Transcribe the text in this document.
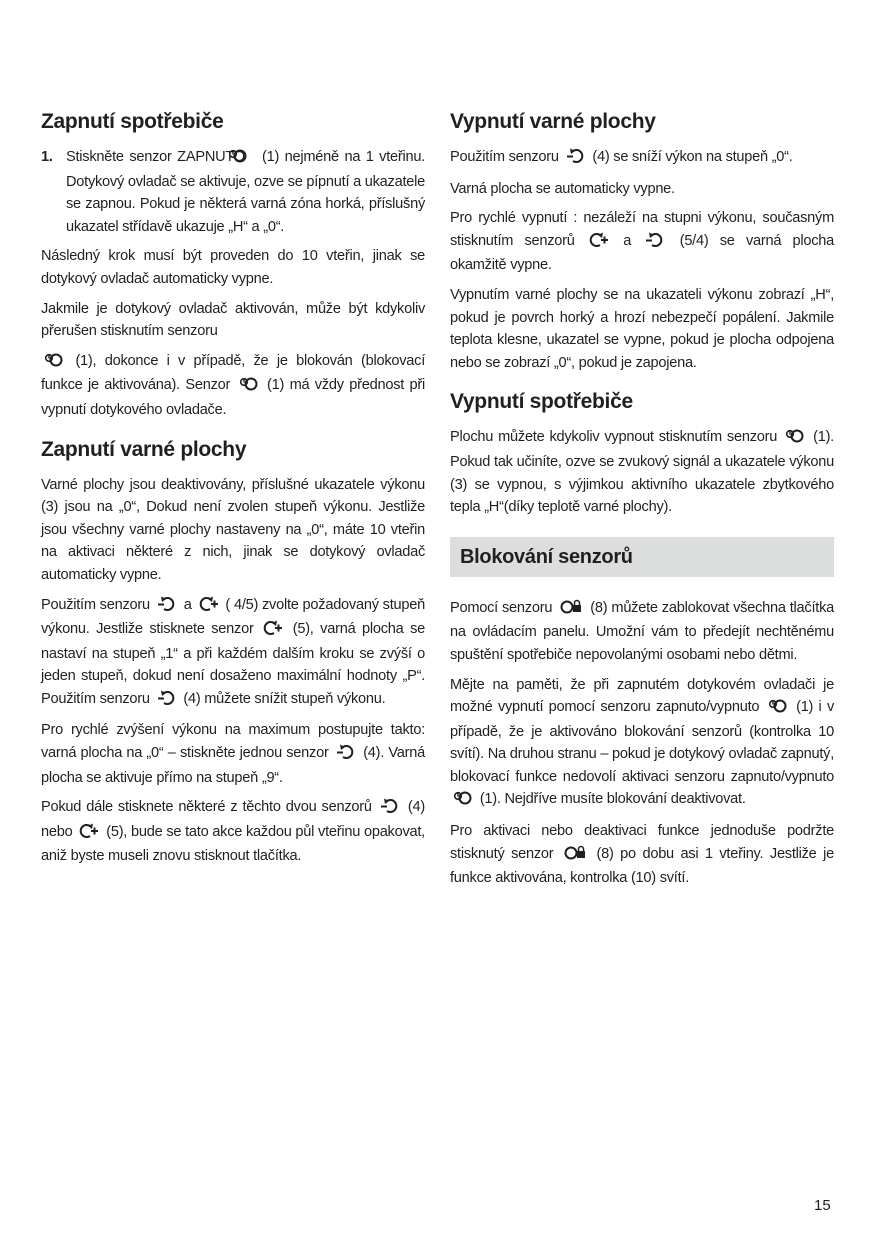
Zapnutí spotřebiče

1. Stiskněte senzor ZAPNUTO (1) nejméně na 1 vteřinu. Dotykový ovladač se aktivuje, ozve se pípnutí a ukazatele se zapnou. Pokud je některá varná zóna horká, příslušný ukazatel střídavě ukazuje „H“ a „0“.

Následný krok musí být proveden do 10 vteřin, jinak se dotykový ovladač automaticky vypne.

Jakmile je dotykový ovladač aktivován, může být kdykoliv přerušen stisknutím senzoru

(1), dokonce i v případě, že je blokován (blokovací funkce je aktivována). Senzor	(1) má vždy přednost při vypnutí dotykového ovladače.

Zapnutí varné plochy

Varné plochy jsou deaktivovány, příslušné ukazatele výkonu (3) jsou na „0“, Dokud není zvolen stupeň výkonu. Jestliže jsou všechny varné plochy nastaveny na „0“, máte 10 vteřin na aktivaci některé z nich, jinak se dotykový ovladač automaticky vypne.

Použitím senzoru a ( 4/5) zvolte požadovaný stupeň výkonu. Jestliže stisknete senzor	(5), varná plocha se nastaví na stupeň „1“ a při každém dalším kroku se zvýší o jeden stupeň, dokud není dosaženo maximální hodnoty „P“. Použitím senzoru (4) můžete snížit stupeň výkonu.

Pro rychlé zvýšení výkonu na maximum postupujte takto: varná plocha na „0“ – stiskněte jednou senzor (4). Varná plocha se aktivuje přímo na stupeň „9“.

Pokud dále stisknete některé z těchto dvou senzorů (4) nebo (5), bude se tato akce každou půl vteřinu opakovat, aniž byste museli znovu stisknout tlačítka.

Vypnutí varné plochy

Použitím senzoru (4) se sníží výkon na stupeň „0“.

Varná plocha se automaticky vypne.

Pro rychlé vypnutí : nezáleží na stupni výkonu, současným stisknutím senzorů	a	(5/4) se varná plocha okamžitě vypne.

Vypnutím varné plochy se na ukazateli výkonu zobrazí „H“, pokud je povrch horký a hrozí nebezpečí popálení. Jakmile teplota klesne, ukazatel se vypne, pokud je plocha odpojena nebo se zobrazí „0“, pokud je zapojena.

Vypnutí spotřebiče

Plochu můžete kdykoliv vypnout stisknutím senzoru (1). Pokud tak učiníte, ozve se zvukový signál a ukazatele výkonu (3) se vypnou, s výjimkou aktivního ukazatele zbytkového tepla „H“(díky teplotě varné plochy).

Blokování senzorů

Pomocí senzoru	(8) můžete zablokovat všechna tlačítka na ovládacím panelu. Umožní vám to předejít nechtěnému spuštění spotřebiče nepovolanými osobami nebo dětmi.

Mějte na paměti, že při zapnutém dotykovém ovladači je možné vypnutí pomocí senzoru zapnuto/vypnuto	(1) i v případě, že je aktivováno blokování senzorů (kontrolka 10 svítí). Na druhou stranu – pokud je dotykový ovladač zapnutý, blokovací funkce nedovolí aktivaci senzoru zapnuto/vypnuto  (1). Nejdříve musíte blokování deaktivovat.

Pro aktivaci nebo deaktivaci funkce jednoduše podržte stisknutý senzor	(8) po dobu asi 1 vteřiny. Jestliže je funkce aktivována, kontrolka (10) svítí.

15
